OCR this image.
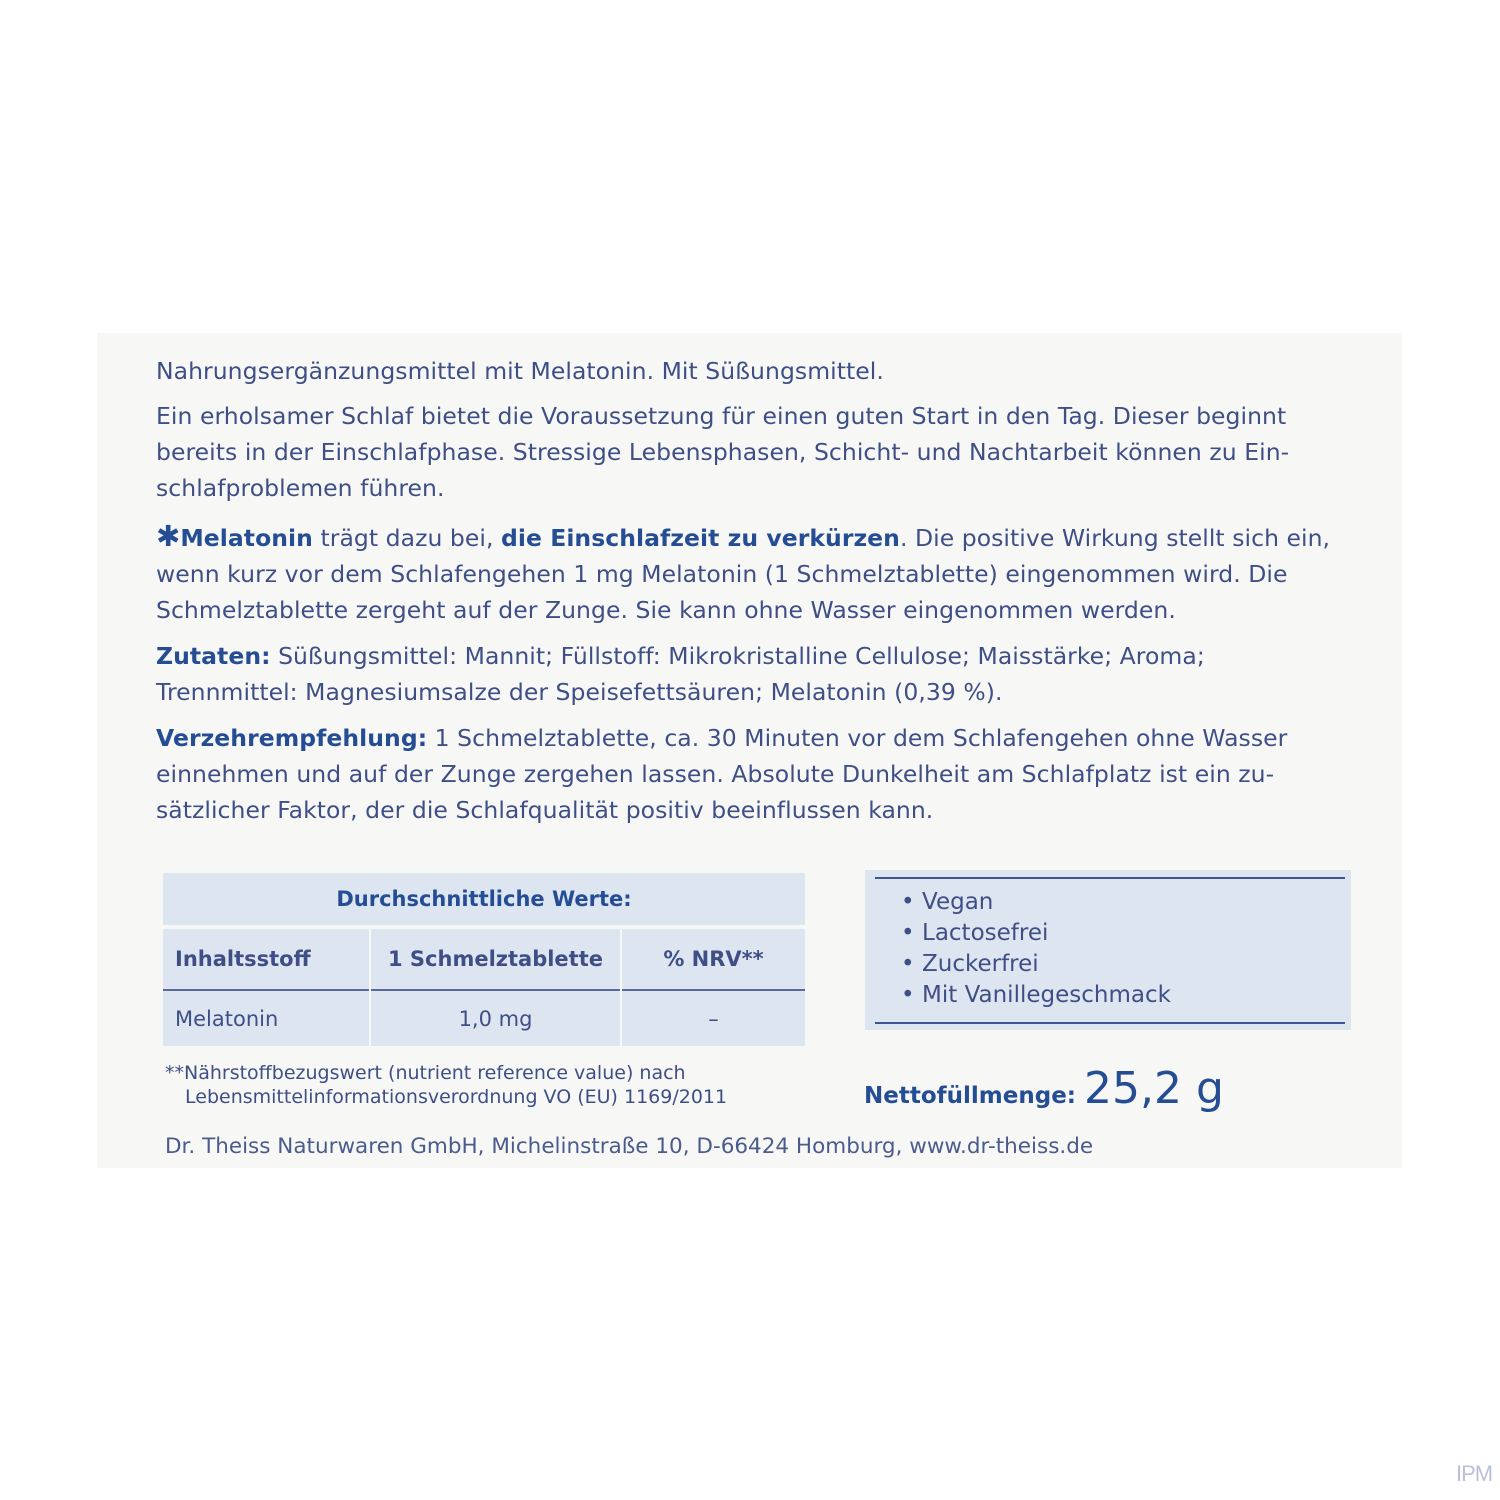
Nahrungsergänzungsmittel mit Melatonin. Mit Süßungsmittel.
Ein erholsamer Schlaf bietet die Voraussetzung für einen guten Start in den Tag. Dieser beginnt
bereits in der Einschlafphase. Stressige Lebensphasen, Schicht- und Nachtarbeit können zu Ein-
schlafproblemen führen.
✱Melatonin trägt dazu bei, die Einschlafzeit zu verkürzen. Die positive Wirkung stellt sich ein,
wenn kurz vor dem Schlafengehen 1 mg Melatonin (1 Schmelztablette) eingenommen wird. Die
Schmelztablette zergeht auf der Zunge. Sie kann ohne Wasser eingenommen werden.
Zutaten: Süßungsmittel: Mannit; Füllstoff: Mikrokristalline Cellulose; Maisstärke; Aroma;
Trennmittel: Magnesiumsalze der Speisefettsäuren; Melatonin (0,39 %).
Verzehrempfehlung: 1 Schmelztablette, ca. 30 Minuten vor dem Schlafengehen ohne Wasser
einnehmen und auf der Zunge zergehen lassen. Absolute Dunkelheit am Schlafplatz ist ein zu-
sätzlicher Faktor, der die Schlafqualität positiv beeinflussen kann.
Durchschnittliche Werte:
Inhaltsstoff	1 Schmelztablette	% NRV**
Melatonin	1,0 mg	–
**Nährstoffbezugswert (nutrient reference value) nach
Lebensmittelinformationsverordnung VO (EU) 1169/2011
• Vegan
• Lactosefrei
• Zuckerfrei
• Mit Vanillegeschmack
Nettofüllmenge: 25,2 g
Dr. Theiss Naturwaren GmbH, Michelinstraße 10, D-66424 Homburg, www.dr-theiss.de
IPM
